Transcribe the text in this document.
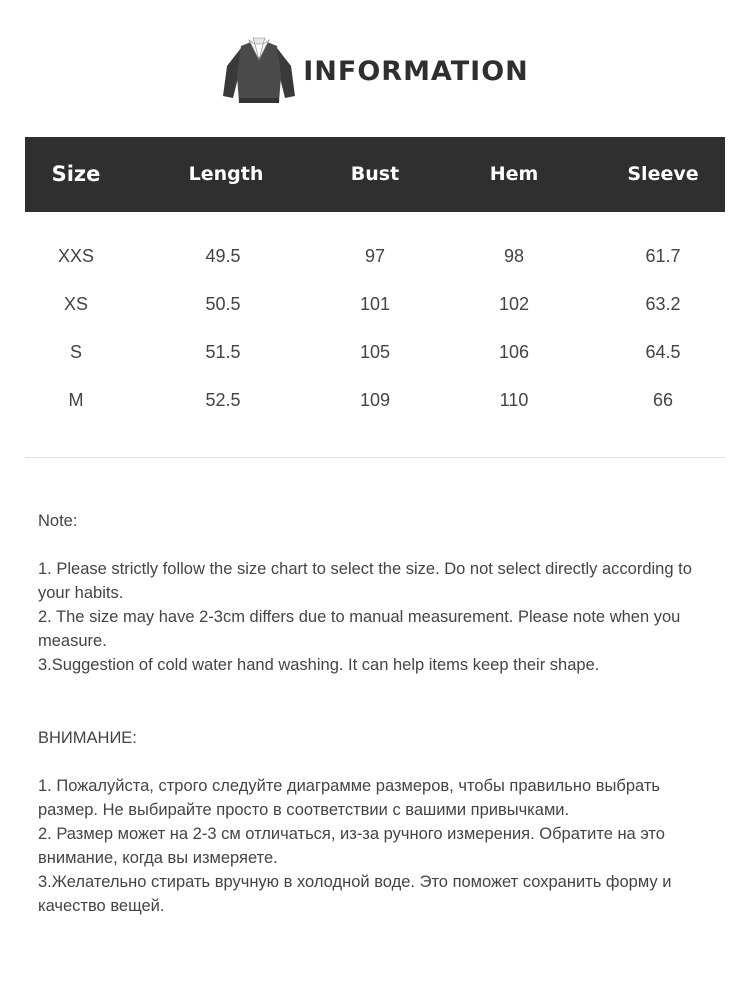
INFORMATION
Size	Length	Bust	Hem	Sleeve
XXS	49.5	97	98	61.7
XS	50.5	101	102	63.2
S	51.5	105	106	64.5
M	52.5	109	110	66

Note:

1. Please strictly follow the size chart to select the size. Do not select directly according to your habits.

2. The size may have 2-3cm differs due to manual measurement. Please note when you measure.

3.Suggestion of cold water hand washing. It can help items keep their shape.

ВНИМАНИЕ:

1. Пожалуйста, строго следуйте диаграмме размеров, чтобы правильно выбрать размер. Не выбирайте просто в соответствии с вашими привычками.

2. Размер может на 2-3 см отличаться, из-за ручного измерения. Обратите на это внимание, когда вы измеряете.

3.Желательно стирать вручную в холодной воде. Это поможет сохранить форму и качество вещей.
